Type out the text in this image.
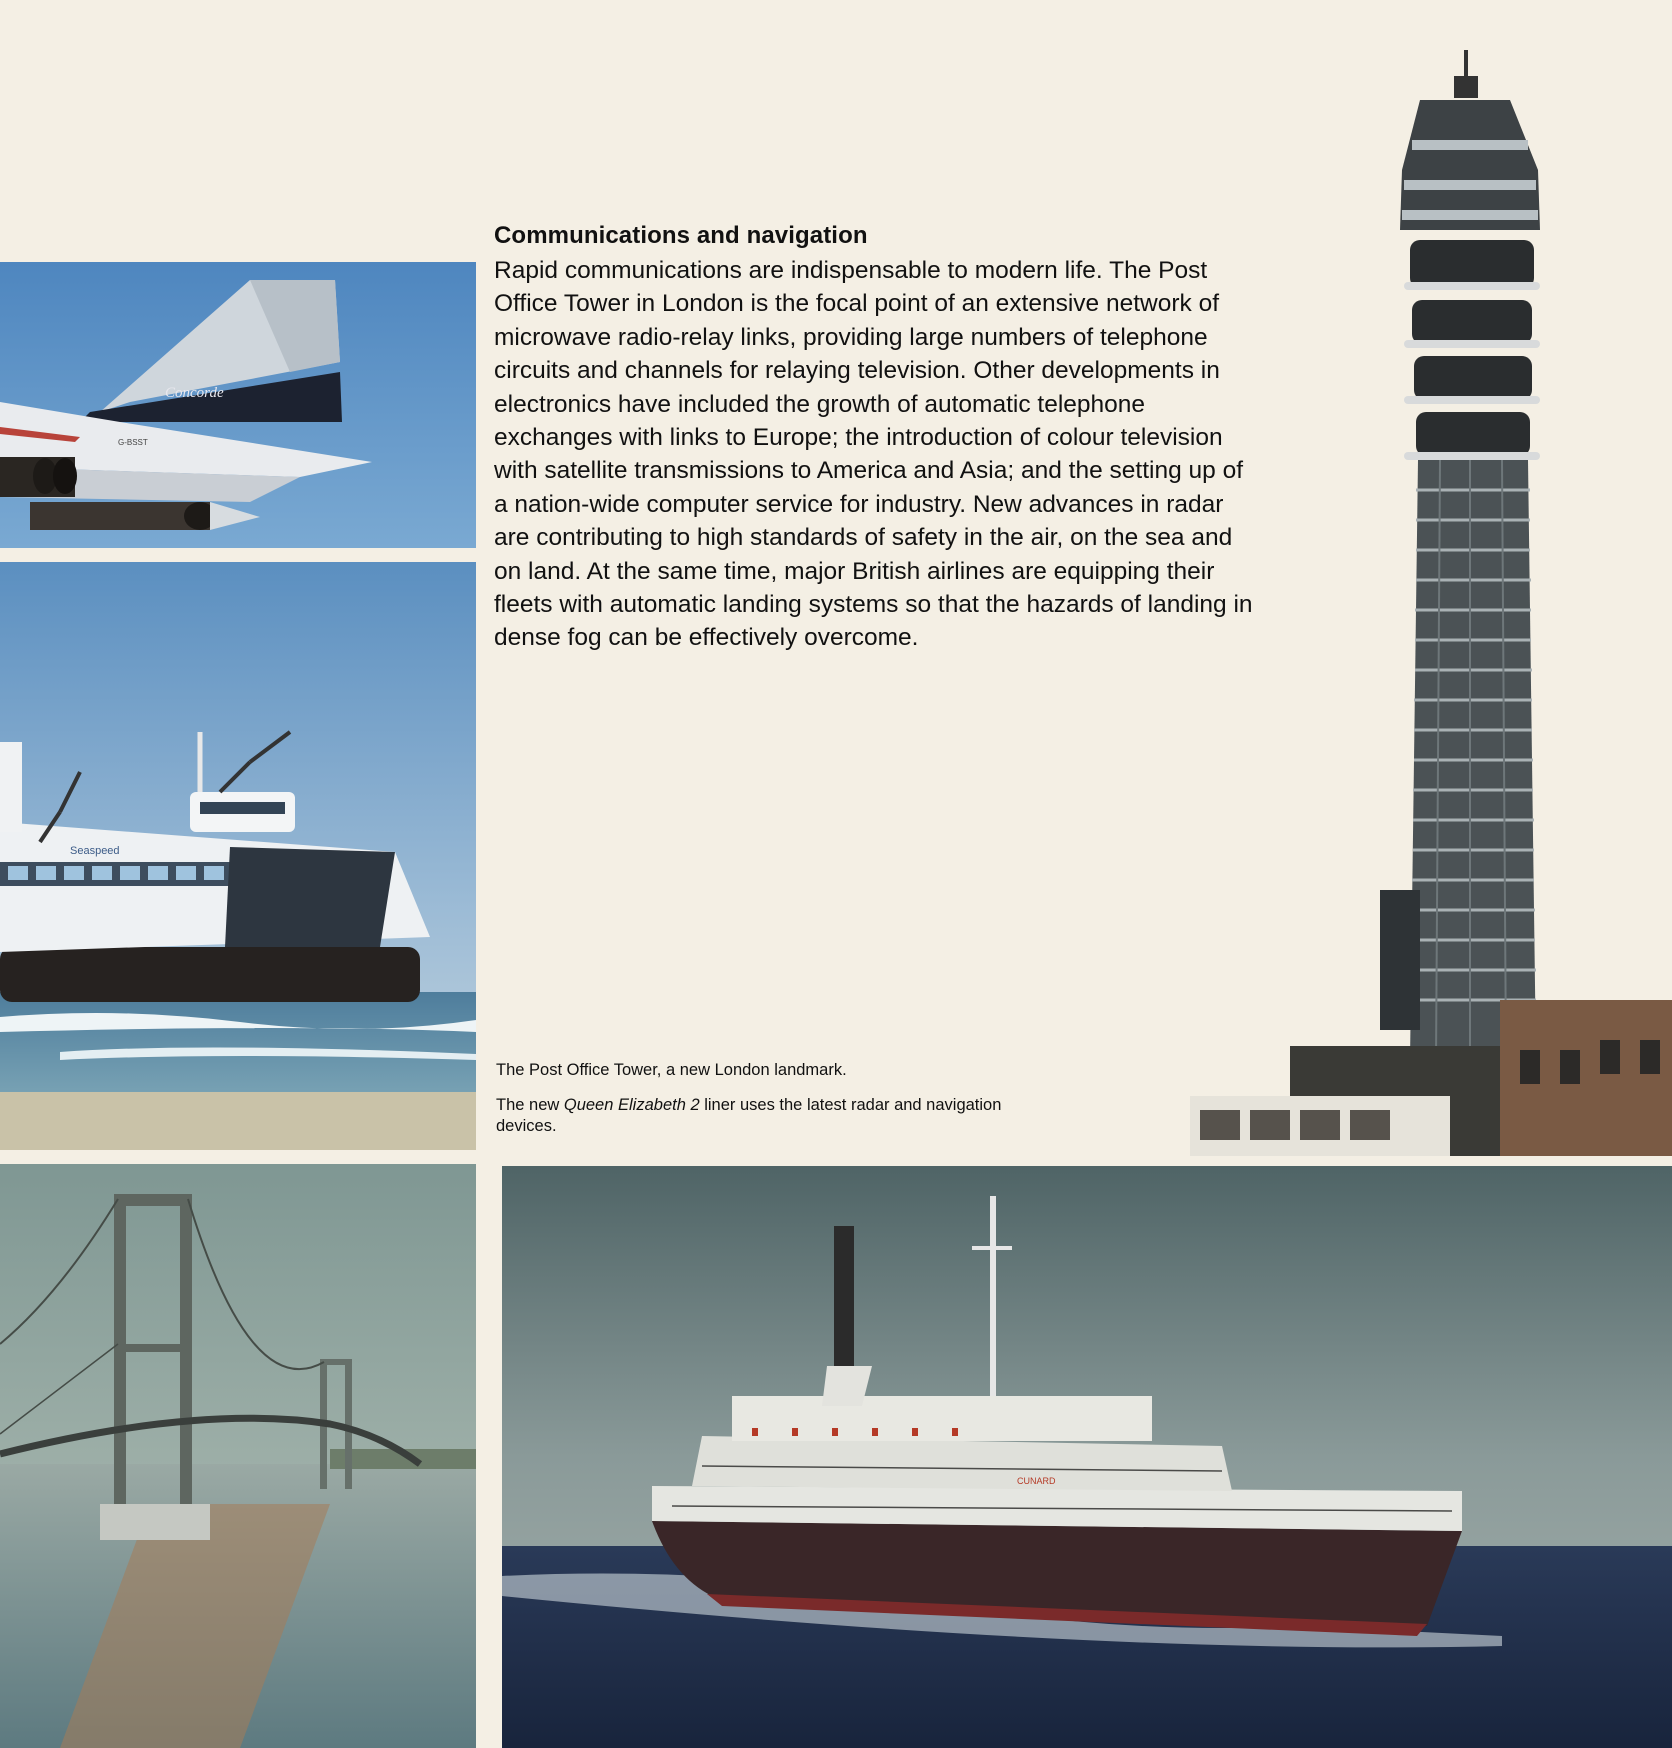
Concorde
G-BSST
Seaspeed
CUNARD
Communications and navigation

Rapid communications are indispensable to modern life. The Post Office Tower in London is the focal point of an extensive network of microwave radio-relay links, providing large numbers of telephone circuits and channels for relaying television. Other developments in electronics have included the growth of automatic telephone exchanges with links to Europe; the introduction of colour television with satellite transmissions to America and Asia; and the setting up of a nation-wide computer service for industry. New advances in radar are contributing to high standards of safety in the air, on the sea and on land. At the same time, major British airlines are equipping their fleets with automatic landing systems so that the hazards of landing in dense fog can be effectively overcome.

The Post Office Tower, a new London landmark.

The new Queen Elizabeth 2 liner uses the latest radar and navigation devices.
